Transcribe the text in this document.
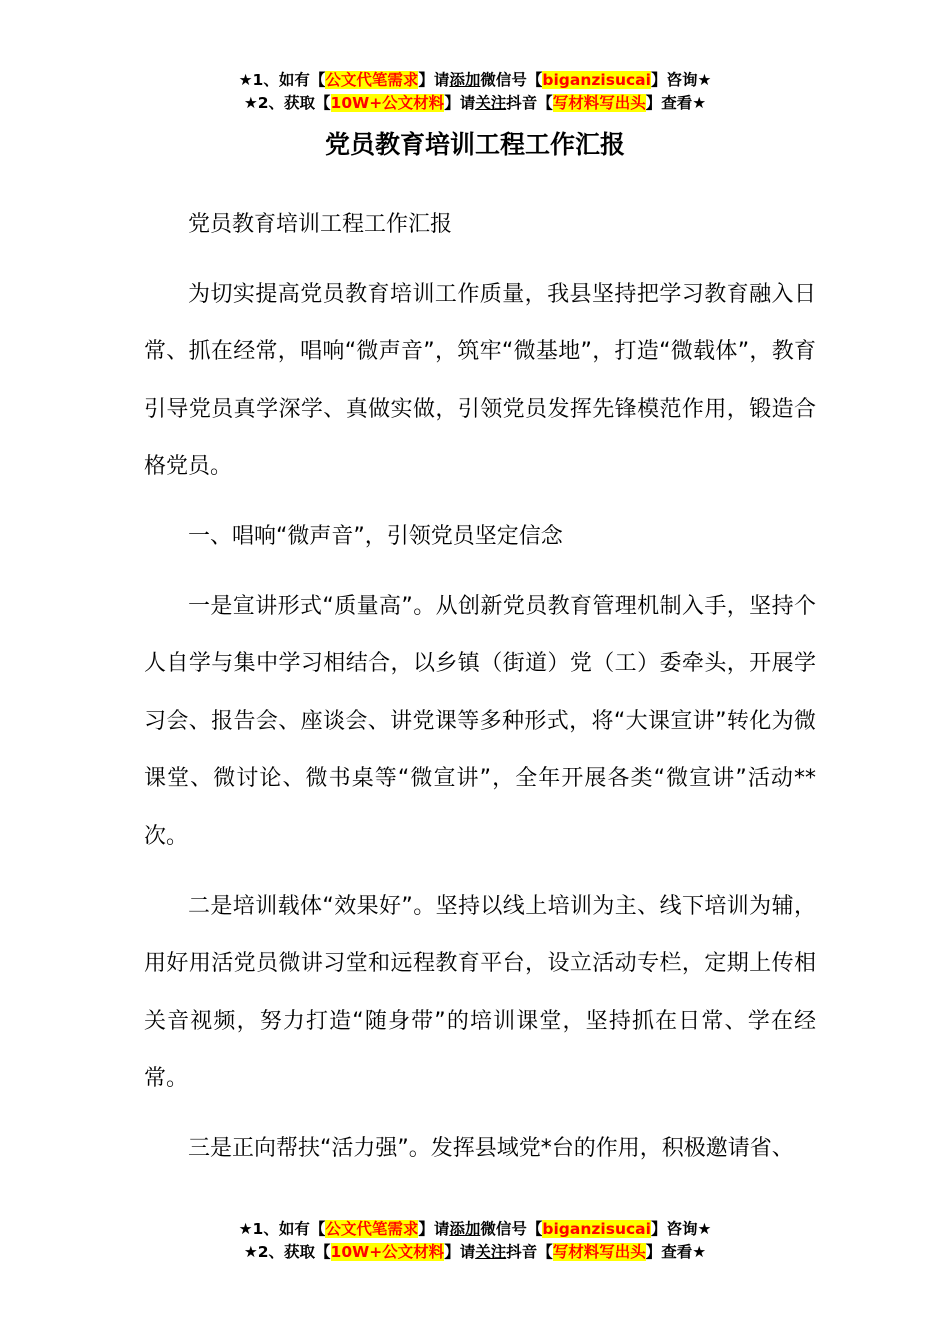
★1、如有【公文代笔需求】请添加微信号【biganzisucai】咨询★
★2、获取【10W+公文材料】请关注抖音【写材料写出头】查看★
党员教育培训工程工作汇报

党员教育培训工程工作汇报

为切实提高党员教育培训工作质量，我县坚持把学习教育融入日常、抓在经常，唱响“微声音”，筑牢“微基地”，打造“微载体”，教育引导党员真学深学、真做实做，引领党员发挥先锋模范作用，锻造合格党员。

一、唱响“微声音”，引领党员坚定信念

一是宣讲形式“质量高”。从创新党员教育管理机制入手，坚持个人自学与集中学习相结合，以乡镇（街道）党（工）委牵头，开展学习会、报告会、座谈会、讲党课等多种形式，将“大课宣讲”转化为微课堂、微讨论、微书桌等“微宣讲”，全年开展各类“微宣讲”活动**次。

二是培训载体“效果好”。坚持以线上培训为主、线下培训为辅，用好用活党员微讲习堂和远程教育平台，设立活动专栏，定期上传相关音视频，努力打造“随身带”的培训课堂，坚持抓在日常、学在经常。

三是正向帮扶“活力强”。发挥县域党*台的作用，积极邀请省、

★1、如有【公文代笔需求】请添加微信号【biganzisucai】咨询★
★2、获取【10W+公文材料】请关注抖音【写材料写出头】查看★
